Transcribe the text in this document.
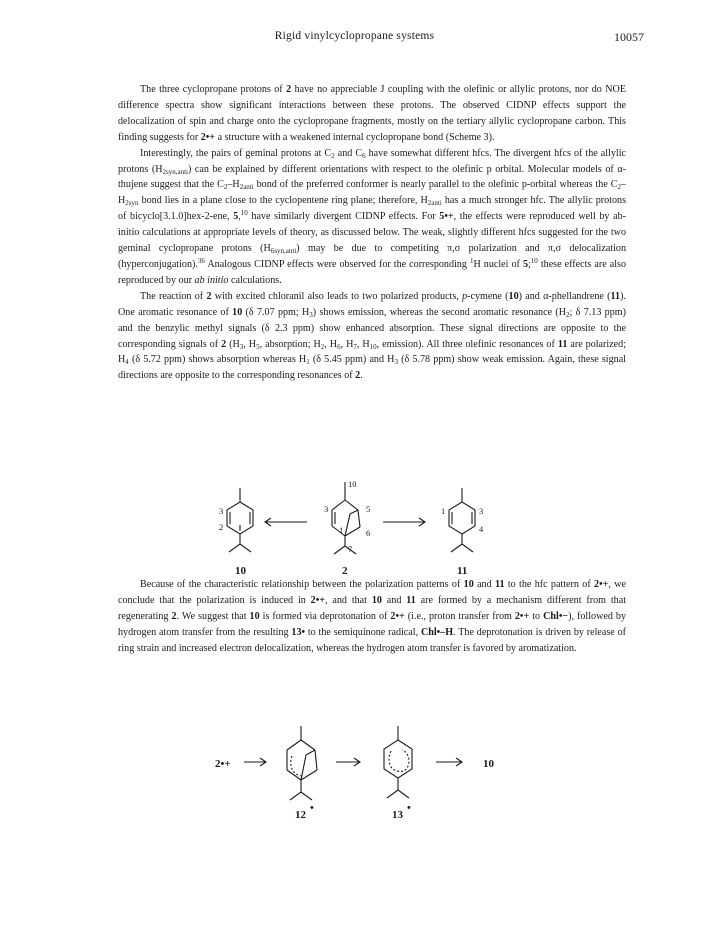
Rigid vinylcyclopropane systems	10057

The three cyclopropane protons of 2 have no appreciable J coupling with the olefinic or allylic protons, nor do NOE difference spectra show significant interactions between these protons. The observed CIDNP effects support the delocalization of spin and charge onto the cyclopropane fragments, mostly on the tertiary allylic cyclopropane carbon. This finding suggests for 2•+ a structure with a weakened internal cyclopropane bond (Scheme 3).

Interestingly, the pairs of geminal protons at $C_2$ and $C_6$ have somewhat different hfcs. The divergent hfcs of the allylic protons $(H_{2syn,anti})$ can be explained by different orientations with respect to the olefinic p orbital. Molecular models of α-thujene suggest that the $C_2-H_{2anti}$ bond of the preferred conformer is nearly parallel to the olefinic p-orbital whereas the $C_2-H_{2syn}$ bond lies in a plane close to the cyclopentene ring plane; therefore, $H_{2anti}$ has a much stronger hfc. The allylic protons of bicyclo[3.1.0]hex-2-ene, 5,10 have similarly divergent CIDNP effects. For 5•+, the effects were reproduced well by ab-initio calculations at appropriate levels of theory, as discussed below. The weak, slightly different hfcs suggested for the two geminal cyclopropane protons $(H_{6syn,anti})$ may be due to competiting π,σ polarization and π,σ delocalization (hyperconjugation).$^{36}$ Analogous CIDNP effects were observed for the corresponding $^1$H nuclei of 5;$^{10}$ these effects are also reproduced by our ab initio calculations.

The reaction of 2 with excited chloranil also leads to two polarized products, p-cymene (10) and α-phellandrene (11). One aromatic resonance of 10 (δ 7.07 ppm; $H_3$) shows emission, whereas the second aromatic resonance ($H_2$; δ 7.13 ppm) and the benzylic methyl signals (δ 2.3 ppm) show enhanced absorption. These signal directions are opposite to the corresponding signals of 2 ($H_3$, $H_5$, absorption; $H_2$, $H_6$, $H_7$, $H_{10}$, emission). All three olefinic resonances of 11 are polarized; $H_4$ (δ 5.72 ppm) shows absorption whereas $H_1$ (δ 5.45 ppm) and $H_3$ (δ 5.78 ppm) show weak emission. Again, these signal directions are opposite to the corresponding resonances of 2.

3
2
10
3	5
1	6
7
1	3
4
10	2	11
2•+
12
•
13
•
10

Because of the characteristic relationship between the polarization patterns of 10 and 11 to the hfc pattern of 2•+, we conclude that the polarization is induced in 2•+, and that 10 and 11 are formed by a mechanism different from that regenerating 2. We suggest that 10 is formed via deprotonation of 2•+ (i.e., proton transfer from 2•+ to Chl•−), followed by hydrogen atom transfer from the resulting 13• to the semiquinone radical, Chl•–H. The deprotonation is driven by release of ring strain and increased electron delocalization, whereas the hydrogen atom transfer is favored by aromatization.
